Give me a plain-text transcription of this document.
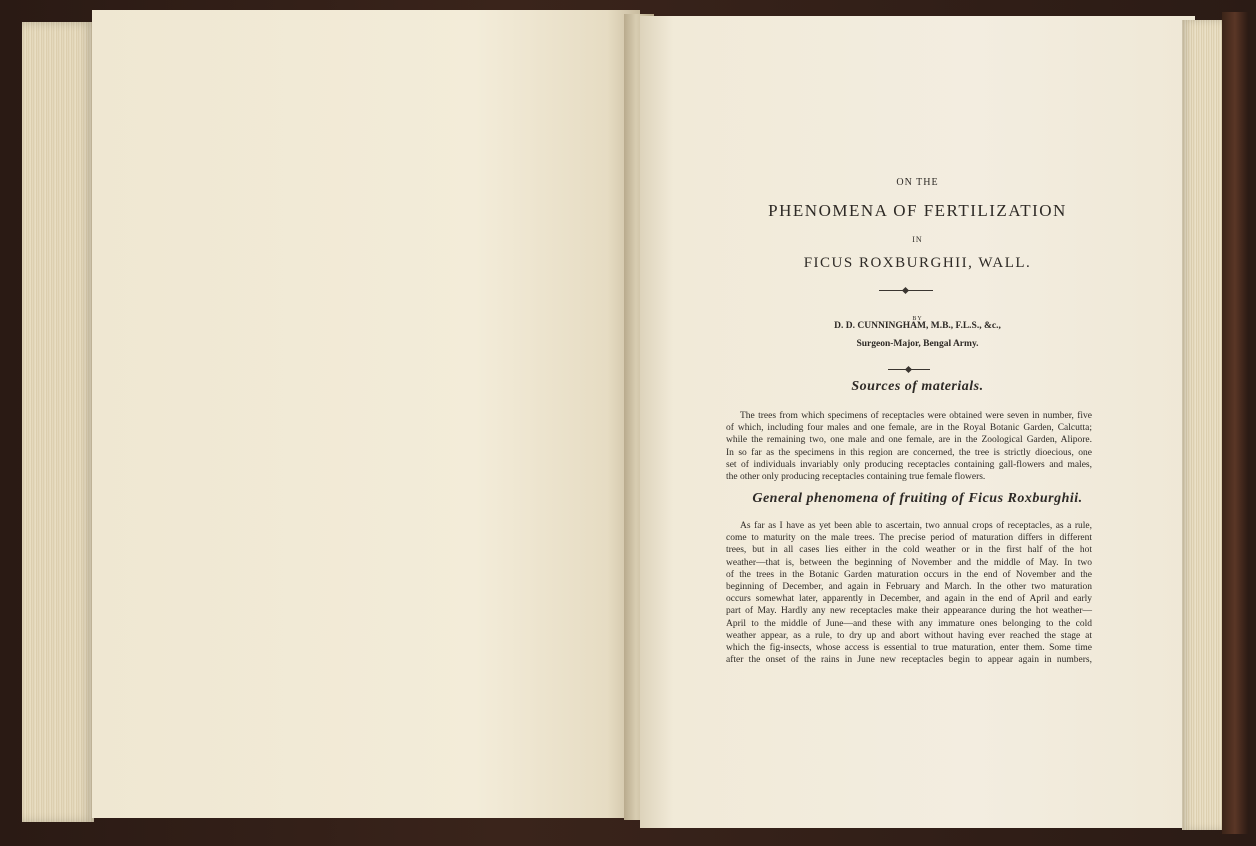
ON THE
PHENOMENA OF FERTILIZATION
IN
FICUS ROXBURGHII, WALL.
BY
D. D. CUNNINGHAM, M.B., F.L.S., &c.,
Surgeon-Major, Bengal Army.
Sources of materials.
The trees from which specimens of receptacles were obtained were seven in number, five
of which, including four males and one female, are in the Royal Botanic Garden, Calcutta;
while the remaining two, one male and one female, are in the Zoological Garden, Alipore.
In so far as the specimens in this region are concerned, the tree is strictly dioecious, one
set of individuals invariably only producing receptacles containing gall-flowers and males,
the other only producing receptacles containing true female flowers.
General phenomena of fruiting of Ficus Roxburghii.
As far as I have as yet been able to ascertain, two annual crops of receptacles, as a rule,
come to maturity on the male trees. The precise period of maturation differs in different
trees, but in all cases lies either in the cold weather or in the first half of the hot
weather—that is, between the beginning of November and the middle of May. In two
of the trees in the Botanic Garden maturation occurs in the end of November and the
beginning of December, and again in February and March. In the other two maturation
occurs somewhat later, apparently in December, and again in the end of April and early
part of May. Hardly any new receptacles make their appearance during the hot weather—
April to the middle of June—and these with any immature ones belonging to the cold
weather appear, as a rule, to dry up and abort without having ever reached the stage at
which the fig-insects, whose access is essential to true maturation, enter them. Some time
after the onset of the rains in June new receptacles begin to appear again in numbers,
